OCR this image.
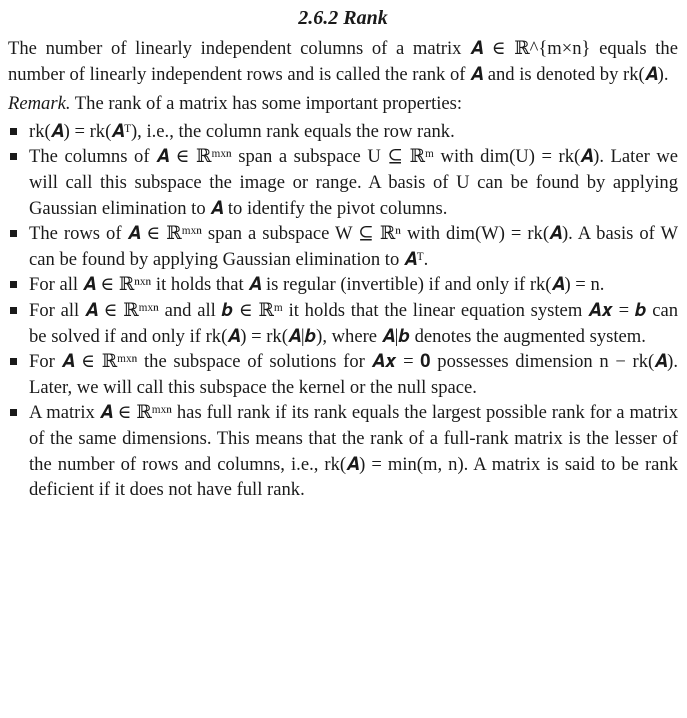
2.6.2 Rank

The number of linearly independent columns of a matrix 𝑨 ∈ ℝ^{m×n} equals the number of linearly independent rows and is called the rank of 𝑨 and is denoted by rk(𝑨).

Remark. The rank of a matrix has some important properties:

rk(𝑨) = rk(𝑨ᵀ), i.e., the column rank equals the row rank.
The columns of 𝑨 ∈ ℝᵐˣⁿ span a subspace U ⊆ ℝᵐ with dim(U) = rk(𝑨). Later we will call this subspace the image or range. A basis of U can be found by applying Gaussian elimination to 𝑨 to identify the pivot columns.
The rows of 𝑨 ∈ ℝᵐˣⁿ span a subspace W ⊆ ℝⁿ with dim(W) = rk(𝑨). A basis of W can be found by applying Gaussian elimination to 𝑨ᵀ.
For all 𝑨 ∈ ℝⁿˣⁿ it holds that 𝑨 is regular (invertible) if and only if rk(𝑨) = n.
For all 𝑨 ∈ ℝᵐˣⁿ and all 𝒃 ∈ ℝᵐ it holds that the linear equation system 𝑨𝒙 = 𝒃 can be solved if and only if rk(𝑨) = rk(𝑨|𝒃), where 𝑨|𝒃 denotes the augmented system.
For 𝑨 ∈ ℝᵐˣⁿ the subspace of solutions for 𝑨𝒙 = 𝟎 possesses dimension n − rk(𝑨). Later, we will call this subspace the kernel or the null space.
A matrix 𝑨 ∈ ℝᵐˣⁿ has full rank if its rank equals the largest possible rank for a matrix of the same dimensions. This means that the rank of a full-rank matrix is the lesser of the number of rows and columns, i.e., rk(𝑨) = min(m, n). A matrix is said to be rank deficient if it does not have full rank.
